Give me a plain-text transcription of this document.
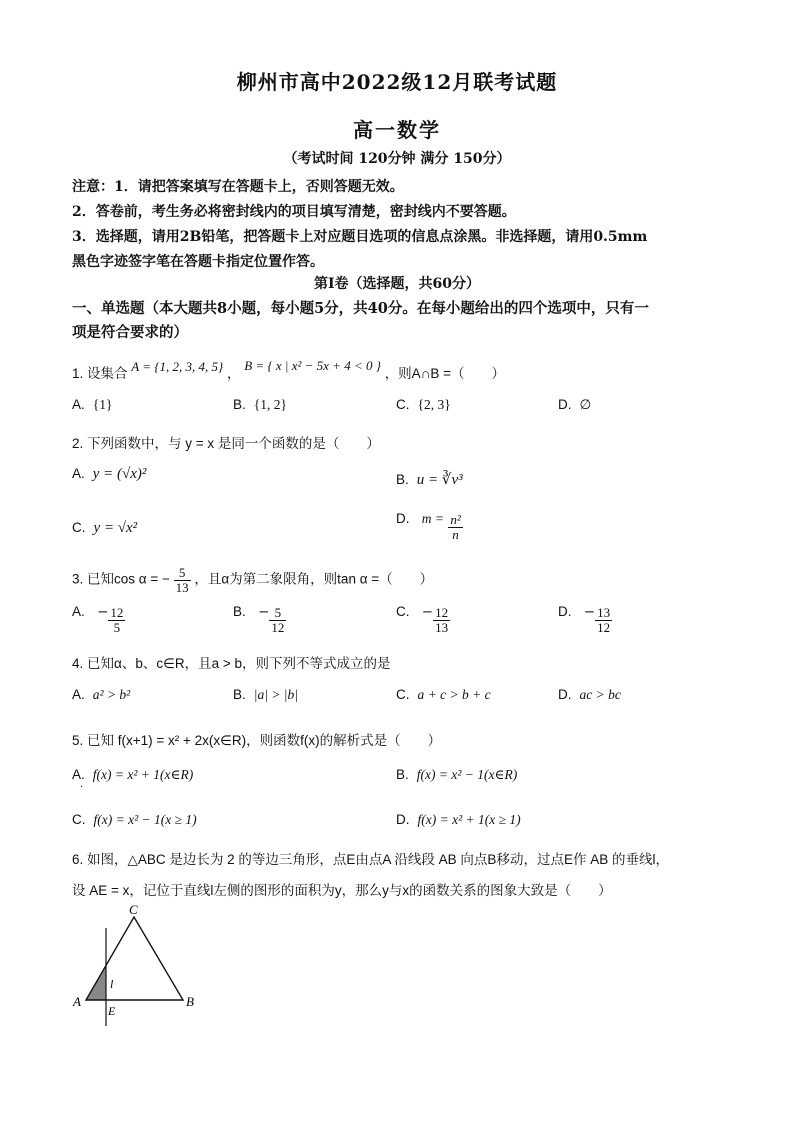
柳州市高中2022级12月联考试题
高一数学
（考试时间 120分钟 满分 150分）
注意：1．请把答案填写在答题卡上，否则答题无效。
2．答卷前，考生务必将密封线内的项目填写清楚，密封线内不要答题。
3．选择题，请用2B铅笔，把答题卡上对应题目选项的信息点涂黑。非选择题，请用0.5mm
黑色字迹签字笔在答题卡指定位置作答。
第Ⅰ卷（选择题，共60分）
一、单选题（本大题共8小题，每小题5分，共40分。在每小题给出的四个选项中，只有一
项是符合要求的）
1. 设集合 A = {1, 2, 3, 4, 5} ， B = { x | x² − 5x + 4 < 0 } ，则A∩B =（　　）
A. {1}	B. {1, 2}	C. {2, 3}	D. ∅
2. 下列函数中，与 y = x 是同一个函数的是（　　）
A. y = (√x)²	B. u = ∛v³
C. y = √x²
D. $m = \frac{\text{n²}}{n}$
3. 已知cos α = − $\frac{5}{13}$ ，且α为第二象限角，则tan α =（　　）
A. − $\frac{12}{5}$	B. − $\frac{5}{12}$	C. − $\frac{12}{13}$	D. − $\frac{13}{12}$
4. 已知α、b、c∈R，且a > b，则下列不等式成立的是
A. a² > b²	B. |a| > |b|	C. a + c > b + c	D. ac > bc
5. 已知 f(x+1) = x² + 2x(x∈R)，则函数f(x)的解析式是（　　）
A. f(x) = x² + 1(x∈R)
·
B. f(x) = x² − 1(x∈R)
C. f(x) = x² − 1(x ≥ 1)	D. f(x) = x² + 1(x ≥ 1)
6. 如图，△ABC 是边长为 2 的等边三角形，点E由点A 沿线段 AB 向点B移动，过点E作 AB 的垂线l，
设 AE = x，记位于直线l左侧的图形的面积为y，那么y与x的函数关系的图象大致是（　　）
C
A	B
E
l
